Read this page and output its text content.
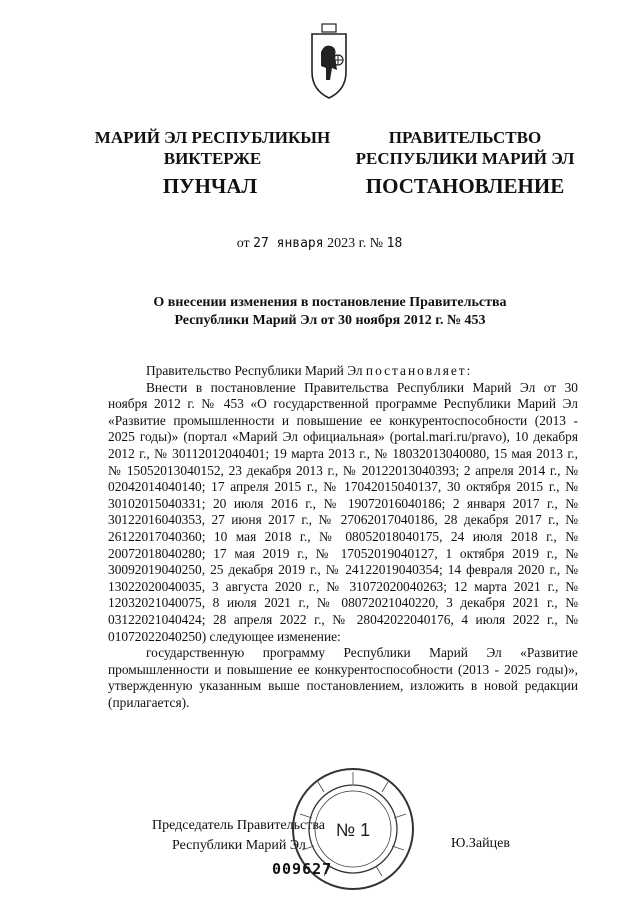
МАРИЙ ЭЛ РЕСПУБЛИКЫН
ВИКТЕРЖЕ
ПРАВИТЕЛЬСТВО
РЕСПУБЛИКИ МАРИЙ ЭЛ
ПУНЧАЛ	ПОСТАНОВЛЕНИЕ
от 27 января 2023 г. № 18
О внесении изменения в постановление Правительства
Республики Марий Эл от 30 ноября 2012 г. № 453

Правительство Республики Марий Эл постановляет:

Внести в постановление Правительства Республики Марий Эл от 30 ноября 2012 г. № 453 «О государственной программе Республики Марий Эл «Развитие промышленности и повышение ее конкурентоспособности (2013 - 2025 годы)» (портал «Марий Эл официальная» (portal.mari.ru/pravo), 10 декабря 2012 г., № 30112012040401; 19 марта 2013 г., № 18032013040080, 15 мая 2013 г., № 15052013040152, 23 декабря 2013 г., № 20122013040393; 2 апреля 2014 г., № 02042014040140; 17 апреля 2015 г., № 17042015040137, 30 октября 2015 г., № 30102015040331; 20 июля 2016 г., № 19072016040186; 2 января 2017 г., № 30122016040353, 27 июня 2017 г., № 27062017040186, 28 декабря 2017 г., № 26122017040360; 10 мая 2018 г., № 08052018040175, 24 июля 2018 г., № 20072018040280; 17 мая 2019 г., № 17052019040127, 1 октября 2019 г., № 30092019040250, 25 декабря 2019 г., № 24122019040354; 14 февраля 2020 г., № 13022020040035, 3 августа 2020 г., № 31072020040263; 12 марта 2021 г., № 12032021040075, 8 июля 2021 г., № 08072021040220, 3 декабря 2021 г., № 03122021040424; 28 апреля 2022 г., № 28042022040176, 4 июля 2022 г., № 01072022040250) следующее изменение:

государственную программу Республики Марий Эл «Развитие промышленности и повышение ее конкурентоспособности (2013 - 2025 годы)», утвержденную указанным выше постановлением, изложить в новой редакции (прилагается).

Председатель Правительства
Республики Марий Эл	Ю.Зайцев
№ 1
009627
